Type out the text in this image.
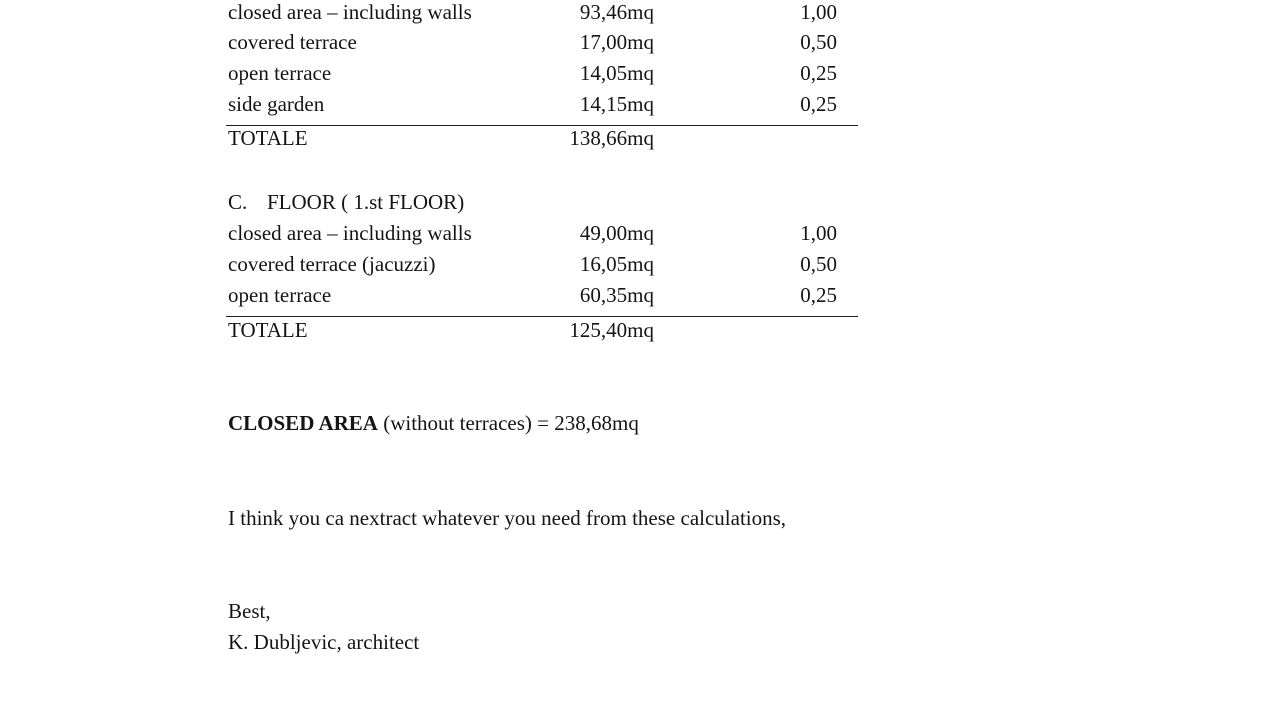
closed area – including walls	93,46mq	1,00
covered terrace	17,00mq	0,50
open terrace	14,05mq	0,25
side garden	14,15mq	0,25
TOTALE	138,66mq
C. FLOOR ( 1.st FLOOR)
closed area – including walls	49,00mq	1,00
covered terrace (jacuzzi)	16,05mq	0,50
open terrace	60,35mq	0,25
TOTALE	125,40mq
CLOSED AREA (without terraces) = 238,68mq
I think you ca nextract whatever you need from these calculations,
Best,
K. Dubljevic, architect
